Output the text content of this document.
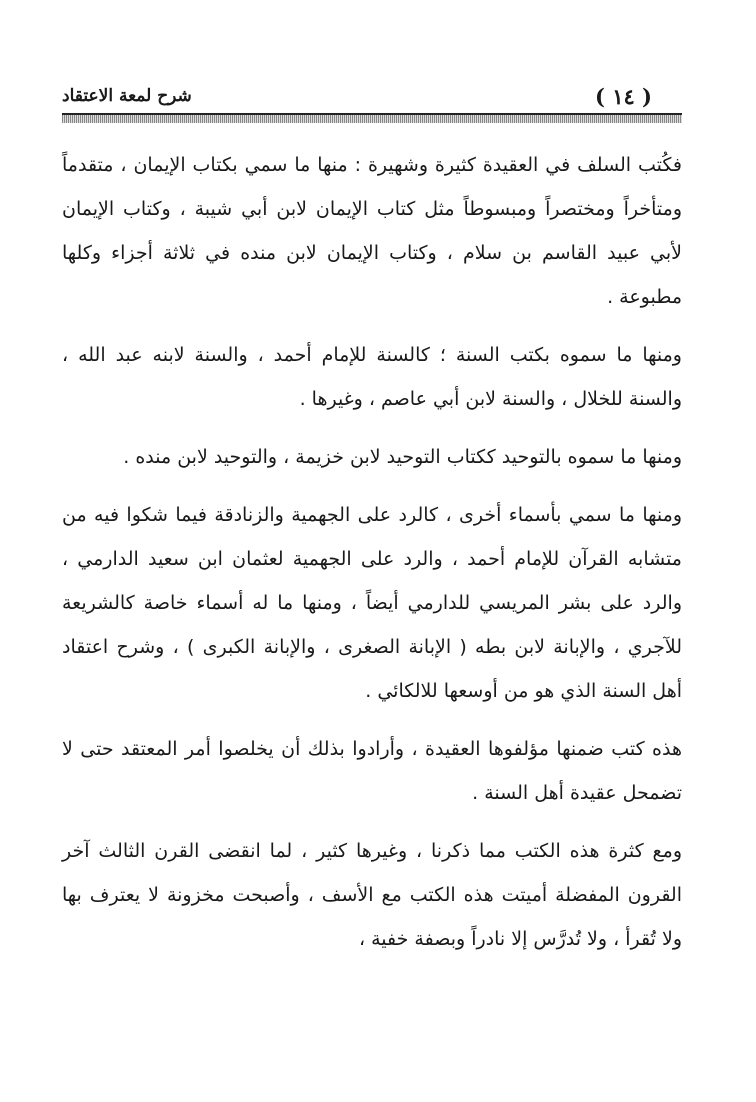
شرح لمعة الاعتقاد	( ١٤ )

فكُتب السلف في العقيدة كثيرة وشهيرة : منها ما سمي بكتاب الإيمان ، متقدماً ومتأخراً ومختصراً ومبسوطاً مثل كتاب الإيمان لابن أبي شيبة ، وكتاب الإيمان لأبي عبيد القاسم بن سلام ، وكتاب الإيمان لابن منده في ثلاثة أجزاء وكلها مطبوعة .

ومنها ما سموه بكتب السنة ؛ كالسنة للإمام أحمد ، والسنة لابنه عبد الله ، والسنة للخلال ، والسنة لابن أبي عاصم ، وغيرها .

ومنها ما سموه بالتوحيد ككتاب التوحيد لابن خزيمة ، والتوحيد لابن منده .

ومنها ما سمي بأسماء أخرى ، كالرد على الجهمية والزنادقة فيما شكوا فيه من متشابه القرآن للإمام أحمد ، والرد على الجهمية لعثمان ابن سعيد الدارمي ، والرد على بشر المريسي للدارمي أيضاً ، ومنها ما له أسماء خاصة كالشريعة للآجري ، والإبانة لابن بطه ( الإبانة الصغرى ، والإبانة الكبرى ) ، وشرح اعتقاد أهل السنة الذي هو من أوسعها للالكائي .

هذه كتب ضمنها مؤلفوها العقيدة ، وأرادوا بذلك أن يخلصوا أمر المعتقد حتى لا تضمحل عقيدة أهل السنة .

ومع كثرة هذه الكتب مما ذكرنا ، وغيرها كثير ، لما انقضى القرن الثالث آخر القرون المفضلة أميتت هذه الكتب مع الأسف ، وأصبحت مخزونة لا يعترف بها ولا تُقرأ ، ولا تُدرَّس إلا نادراً وبصفة خفية ،
